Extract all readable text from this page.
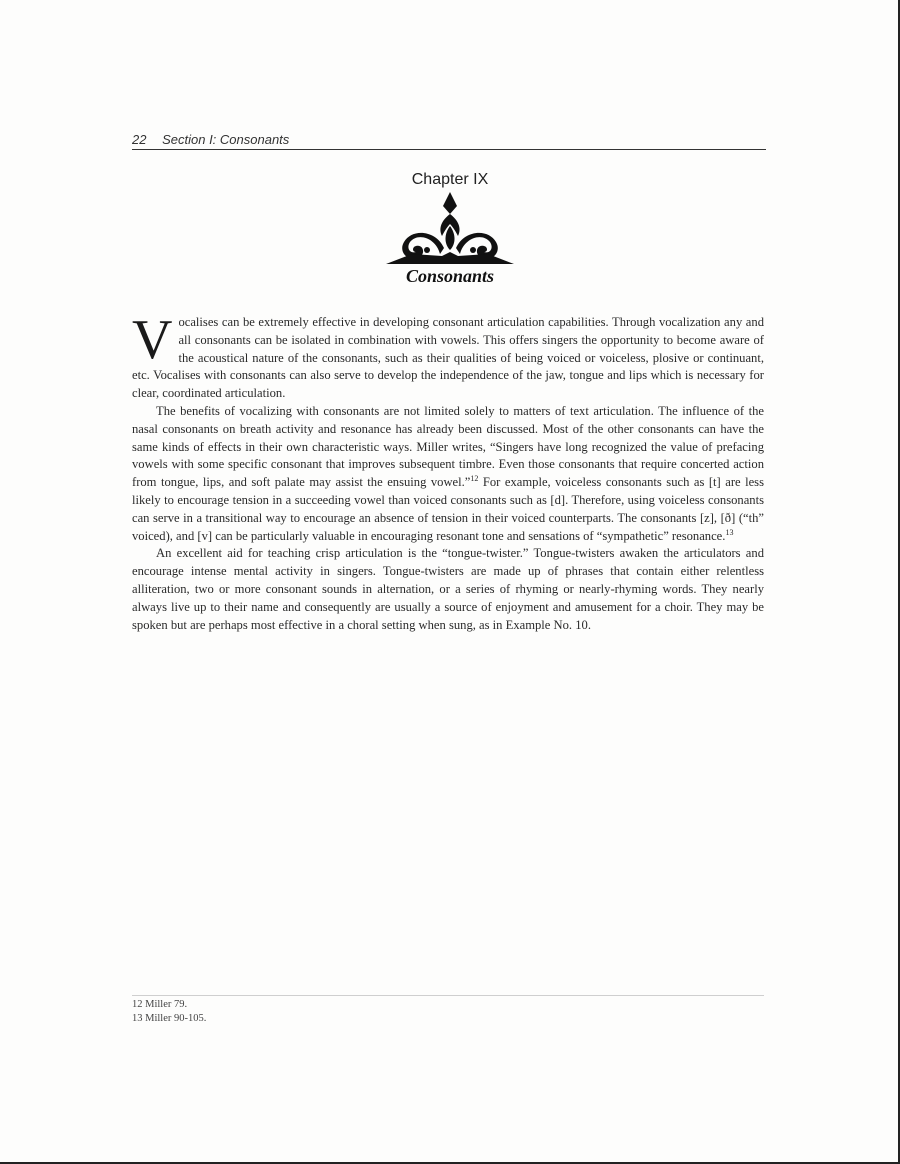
22 Section I: Consonants
Chapter IX
Consonants

Vocalises can be extremely effective in developing consonant articulation capabilities. Through vocalization any and all consonants can be isolated in combination with vowels. This offers singers the opportunity to become aware of the acoustical nature of the consonants, such as their qualities of being voiced or voiceless, plosive or continuant, etc. Vocalises with consonants can also serve to develop the independence of the jaw, tongue and lips which is necessary for clear, coordinated articulation.

The benefits of vocalizing with consonants are not limited solely to matters of text articulation. The influence of the nasal consonants on breath activity and resonance has already been discussed. Most of the other consonants can have the same kinds of effects in their own characteristic ways. Miller writes, “Singers have long recognized the value of prefacing vowels with some specific consonant that improves subsequent timbre. Even those consonants that require concerted action from tongue, lips, and soft palate may assist the ensuing vowel.”$^{12}$ For example, voiceless consonants such as [t] are less likely to encourage tension in a succeeding vowel than voiced consonants such as [d]. Therefore, using voiceless consonants can serve in a transitional way to encourage an absence of tension in their voiced counterparts. The consonants [z], [ð] (“th” voiced), and [v] can be particularly valuable in encouraging resonant tone and sensations of “sympathetic” resonance.$^{13}$

An excellent aid for teaching crisp articulation is the “tongue-twister.” Tongue-twisters awaken the articulators and encourage intense mental activity in singers. Tongue-twisters are made up of phrases that contain either relentless alliteration, two or more consonant sounds in alternation, or a series of rhyming or nearly-rhyming words. They nearly always live up to their name and consequently are usually a source of enjoyment and amusement for a choir. They may be spoken but are perhaps most effective in a choral setting when sung, as in Example No. 10.

12 Miller 79.
13 Miller 90-105.
